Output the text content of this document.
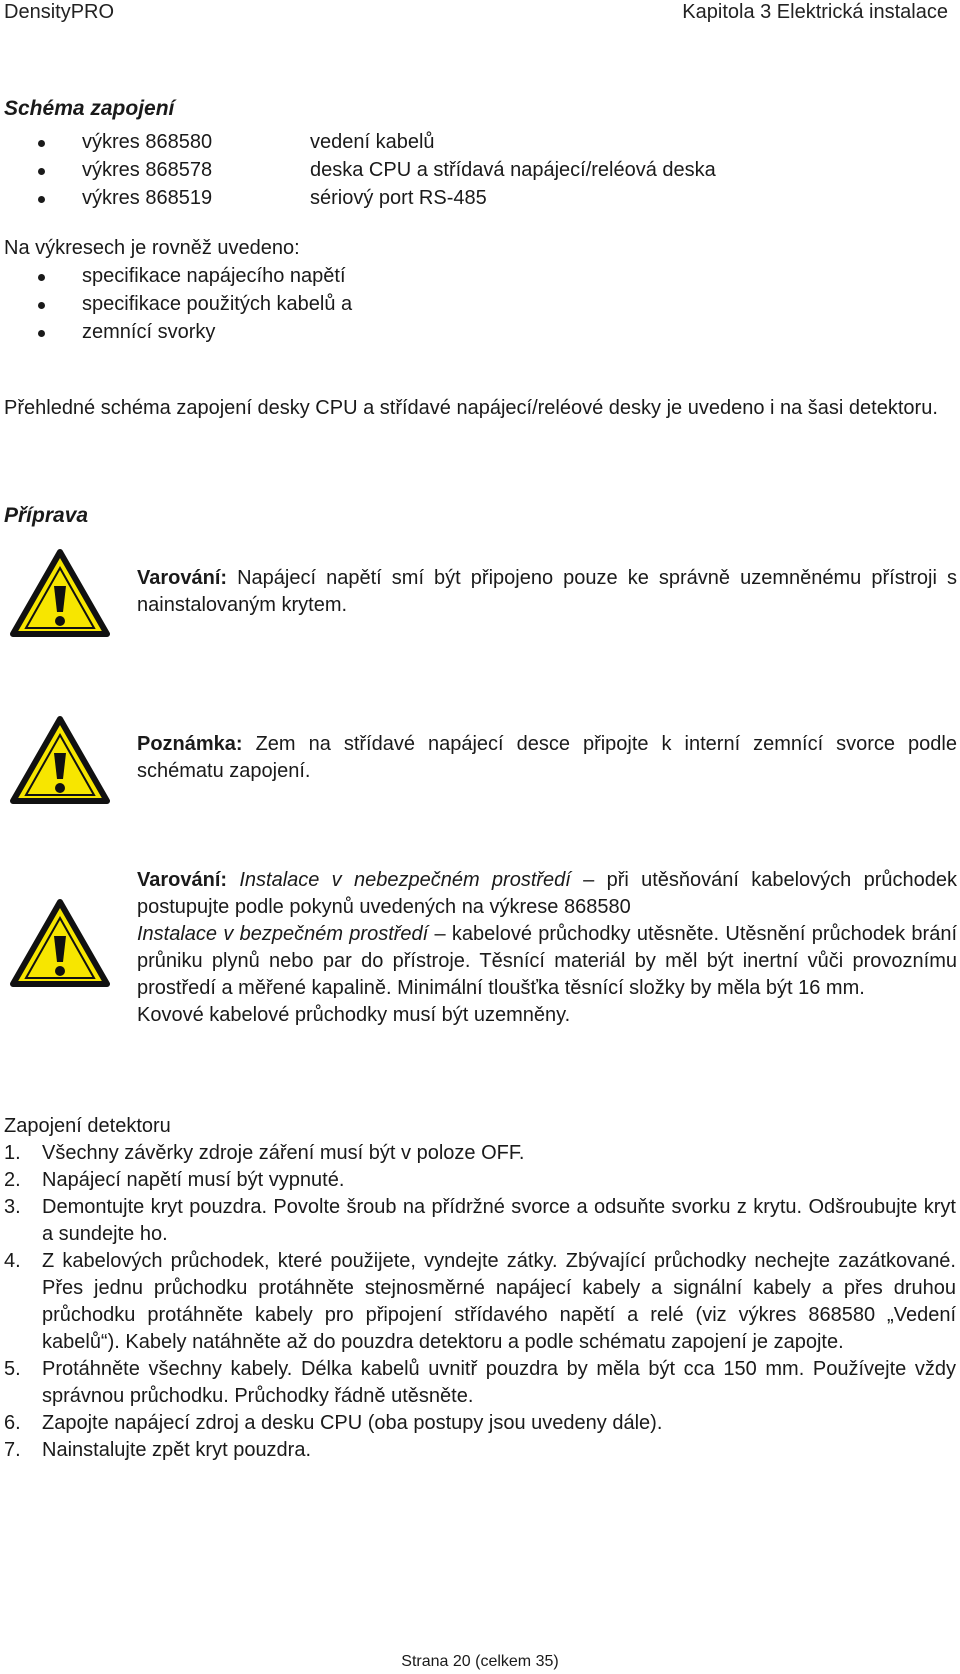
DensityPRO	Kapitola 3 Elektrická instalace
Schéma zapojení
výkres 868580	vedení kabelů
výkres 868578	deska CPU a střídavá napájecí/reléová deska
výkres 868519	sériový port RS-485
Na výkresech je rovněž uvedeno:
specifikace napájecího napětí
specifikace použitých kabelů a
zemnící svorky
Přehledné schéma zapojení desky CPU a střídavé napájecí/reléové desky je uvedeno i na šasi detektoru.
Příprava
Varování: Napájecí napětí smí být připojeno pouze ke správně uzemněnému přístroji s nainstalovaným krytem.
Poznámka: Zem na střídavé napájecí desce připojte k interní zemnící svorce podle schématu zapojení.
Varování: Instalace v nebezpečném prostředí – při utěsňování kabelových průchodek postupujte podle pokynů uvedených na výkrese 868580
Instalace v bezpečném prostředí – kabelové průchodky utěsněte. Utěsnění průchodek brání průniku plynů nebo par do přístroje. Těsnící materiál by měl být inertní vůči provoznímu prostředí a měřené kapalině. Minimální tloušťka těsnící složky by měla být 16 mm.
Kovové kabelové průchodky musí být uzemněny.
Zapojení detektoru
1. Všechny závěrky zdroje záření musí být v poloze OFF.
2. Napájecí napětí musí být vypnuté.
3. Demontujte kryt pouzdra. Povolte šroub na přídržné svorce a odsuňte svorku z krytu. Odšroubujte kryt a sundejte ho.
4. Z kabelových průchodek, které použijete, vyndejte zátky. Zbývající průchodky nechejte zazátkované. Přes jednu průchodku protáhněte stejnosměrné napájecí kabely a signální kabely a přes druhou průchodku protáhněte kabely pro připojení střídavého napětí a relé (viz výkres 868580 „Vedení kabelů“). Kabely natáhněte až do pouzdra detektoru a podle schématu zapojení je zapojte.
5. Protáhněte všechny kabely. Délka kabelů uvnitř pouzdra by měla být cca 150 mm. Používejte vždy správnou průchodku. Průchodky řádně utěsněte.
6. Zapojte napájecí zdroj a desku CPU (oba postupy jsou uvedeny dále).
7. Nainstalujte zpět kryt pouzdra.
Strana 20 (celkem 35)
